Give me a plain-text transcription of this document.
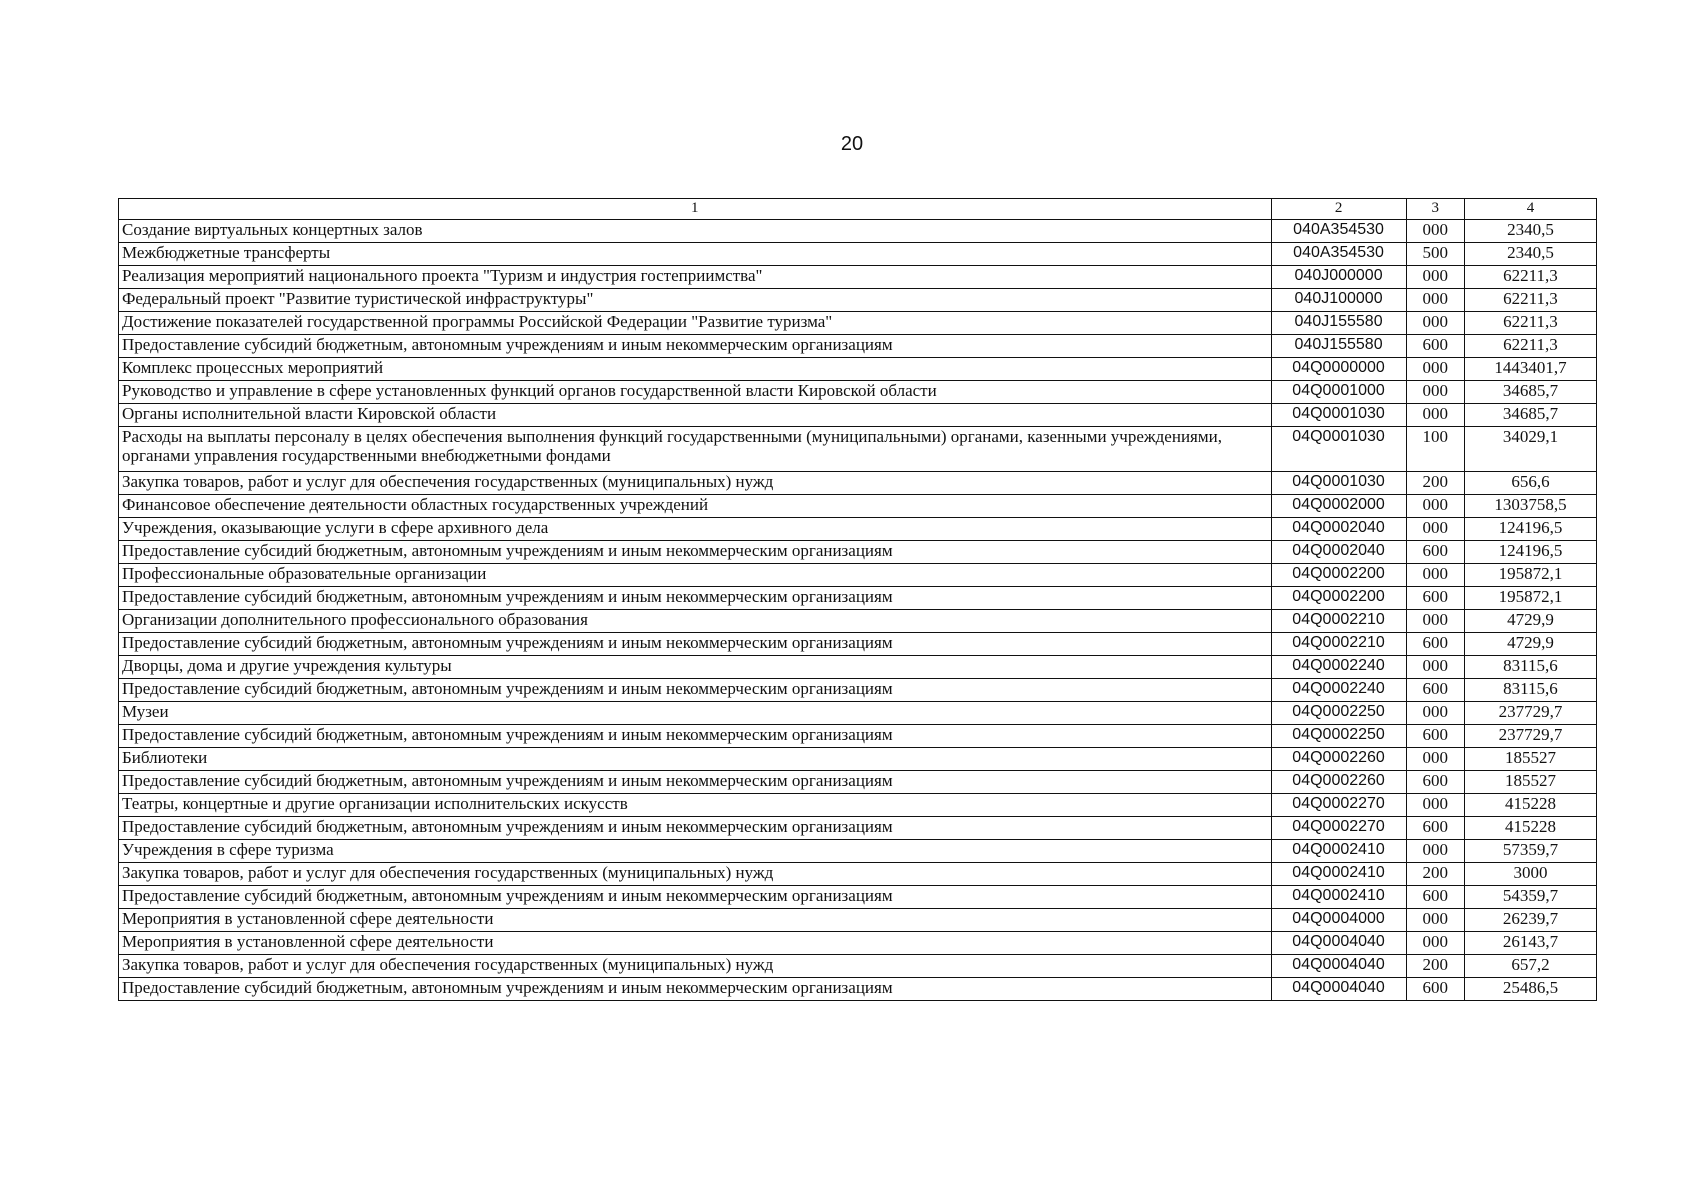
20
1	2	3	4
Создание виртуальных концертных залов	040A354530	000	2340,5
Межбюджетные трансферты	040A354530	500	2340,5
Реализация мероприятий национального проекта "Туризм и индустрия гостеприимства"	040J000000	000	62211,3
Федеральный проект "Развитие туристической инфраструктуры"	040J100000	000	62211,3
Достижение показателей государственной программы Российской Федерации "Развитие туризма"	040J155580	000	62211,3
Предоставление субсидий бюджетным, автономным учреждениям и иным некоммерческим организациям	040J155580	600	62211,3
Комплекс процессных мероприятий	04Q0000000	000	1443401,7
Руководство и управление в сфере установленных функций органов государственной власти Кировской области	04Q0001000	000	34685,7
Органы исполнительной власти Кировской области	04Q0001030	000	34685,7
Расходы на выплаты персоналу в целях обеспечения выполнения функций государственными (муниципальными) органами, казенными учреждениями, органами управления государственными внебюджетными фондами	04Q0001030	100	34029,1
Закупка товаров, работ и услуг для обеспечения государственных (муниципальных) нужд	04Q0001030	200	656,6
Финансовое обеспечение деятельности областных государственных учреждений	04Q0002000	000	1303758,5
Учреждения, оказывающие услуги в сфере архивного дела	04Q0002040	000	124196,5
Предоставление субсидий бюджетным, автономным учреждениям и иным некоммерческим организациям	04Q0002040	600	124196,5
Профессиональные образовательные организации	04Q0002200	000	195872,1
Предоставление субсидий бюджетным, автономным учреждениям и иным некоммерческим организациям	04Q0002200	600	195872,1
Организации дополнительного профессионального образования	04Q0002210	000	4729,9
Предоставление субсидий бюджетным, автономным учреждениям и иным некоммерческим организациям	04Q0002210	600	4729,9
Дворцы, дома и другие учреждения культуры	04Q0002240	000	83115,6
Предоставление субсидий бюджетным, автономным учреждениям и иным некоммерческим организациям	04Q0002240	600	83115,6
Музеи	04Q0002250	000	237729,7
Предоставление субсидий бюджетным, автономным учреждениям и иным некоммерческим организациям	04Q0002250	600	237729,7
Библиотеки	04Q0002260	000	185527
Предоставление субсидий бюджетным, автономным учреждениям и иным некоммерческим организациям	04Q0002260	600	185527
Театры, концертные и другие организации исполнительских искусств	04Q0002270	000	415228
Предоставление субсидий бюджетным, автономным учреждениям и иным некоммерческим организациям	04Q0002270	600	415228
Учреждения в сфере туризма	04Q0002410	000	57359,7
Закупка товаров, работ и услуг для обеспечения государственных (муниципальных) нужд	04Q0002410	200	3000
Предоставление субсидий бюджетным, автономным учреждениям и иным некоммерческим организациям	04Q0002410	600	54359,7
Мероприятия в установленной сфере деятельности	04Q0004000	000	26239,7
Мероприятия в установленной сфере деятельности	04Q0004040	000	26143,7
Закупка товаров, работ и услуг для обеспечения государственных (муниципальных) нужд	04Q0004040	200	657,2
Предоставление субсидий бюджетным, автономным учреждениям и иным некоммерческим организациям	04Q0004040	600	25486,5
